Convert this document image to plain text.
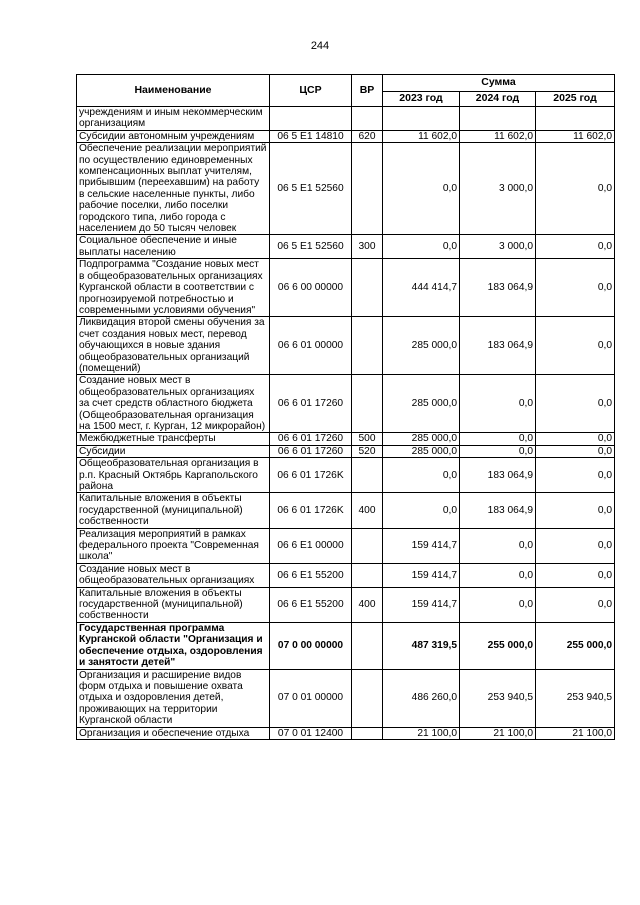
244
Наименование	ЦСР	ВР	Сумма		
			2023 год	2024 год	2025 год
учреждениям и иным некоммерческим организациям					
Субсидии автономным учреждениям	06 5 E1 14810	620	11 602,0	11 602,0	11 602,0
Обеспечение реализации мероприятий по осуществлению единовременных компенсационных выплат учителям, прибывшим (переехавшим) на работу в сельские населенные пункты, либо рабочие поселки, либо поселки городского типа, либо города с населением до 50 тысяч человек	06 5 E1 52560		0,0	3 000,0	0,0
Социальное обеспечение и иные выплаты населению	06 5 E1 52560	300	0,0	3 000,0	0,0
Подпрограмма "Создание новых мест в общеобразовательных организациях Курганской области в соответствии с прогнозируемой потребностью и современными условиями обучения"	06 6 00 00000		444 414,7	183 064,9	0,0
Ликвидация второй смены обучения за счет создания новых мест, перевод обучающихся в новые здания общеобразовательных организаций (помещений)	06 6 01 00000		285 000,0	183 064,9	0,0
Создание новых мест в общеобразовательных организациях за счет средств областного бюджета (Общеобразовательная организация на 1500 мест, г. Курган, 12 микрорайон)	06 6 01 17260		285 000,0	0,0	0,0
Межбюджетные трансферты	06 6 01 17260	500	285 000,0	0,0	0,0
Субсидии	06 6 01 17260	520	285 000,0	0,0	0,0
Общеобразовательная организация в р.п. Красный Октябрь Каргапольского района	06 6 01 1726K		0,0	183 064,9	0,0
Капитальные вложения в объекты государственной (муниципальной) собственности	06 6 01 1726K	400	0,0	183 064,9	0,0
Реализация мероприятий в рамках федерального проекта "Современная школа"	06 6 E1 00000		159 414,7	0,0	0,0
Создание новых мест в общеобразовательных организациях	06 6 E1 55200		159 414,7	0,0	0,0
Капитальные вложения в объекты государственной (муниципальной) собственности	06 6 E1 55200	400	159 414,7	0,0	0,0
Государственная программа Курганской области "Организация и обеспечение отдыха, оздоровления и занятости детей"	07 0 00 00000		487 319,5	255 000,0	255 000,0
Организация и расширение видов форм отдыха и повышение охвата отдыха и оздоровления детей, проживающих на территории Курганской области	07 0 01 00000		486 260,0	253 940,5	253 940,5
Организация и обеспечение отдыха	07 0 01 12400		21 100,0	21 100,0	21 100,0
